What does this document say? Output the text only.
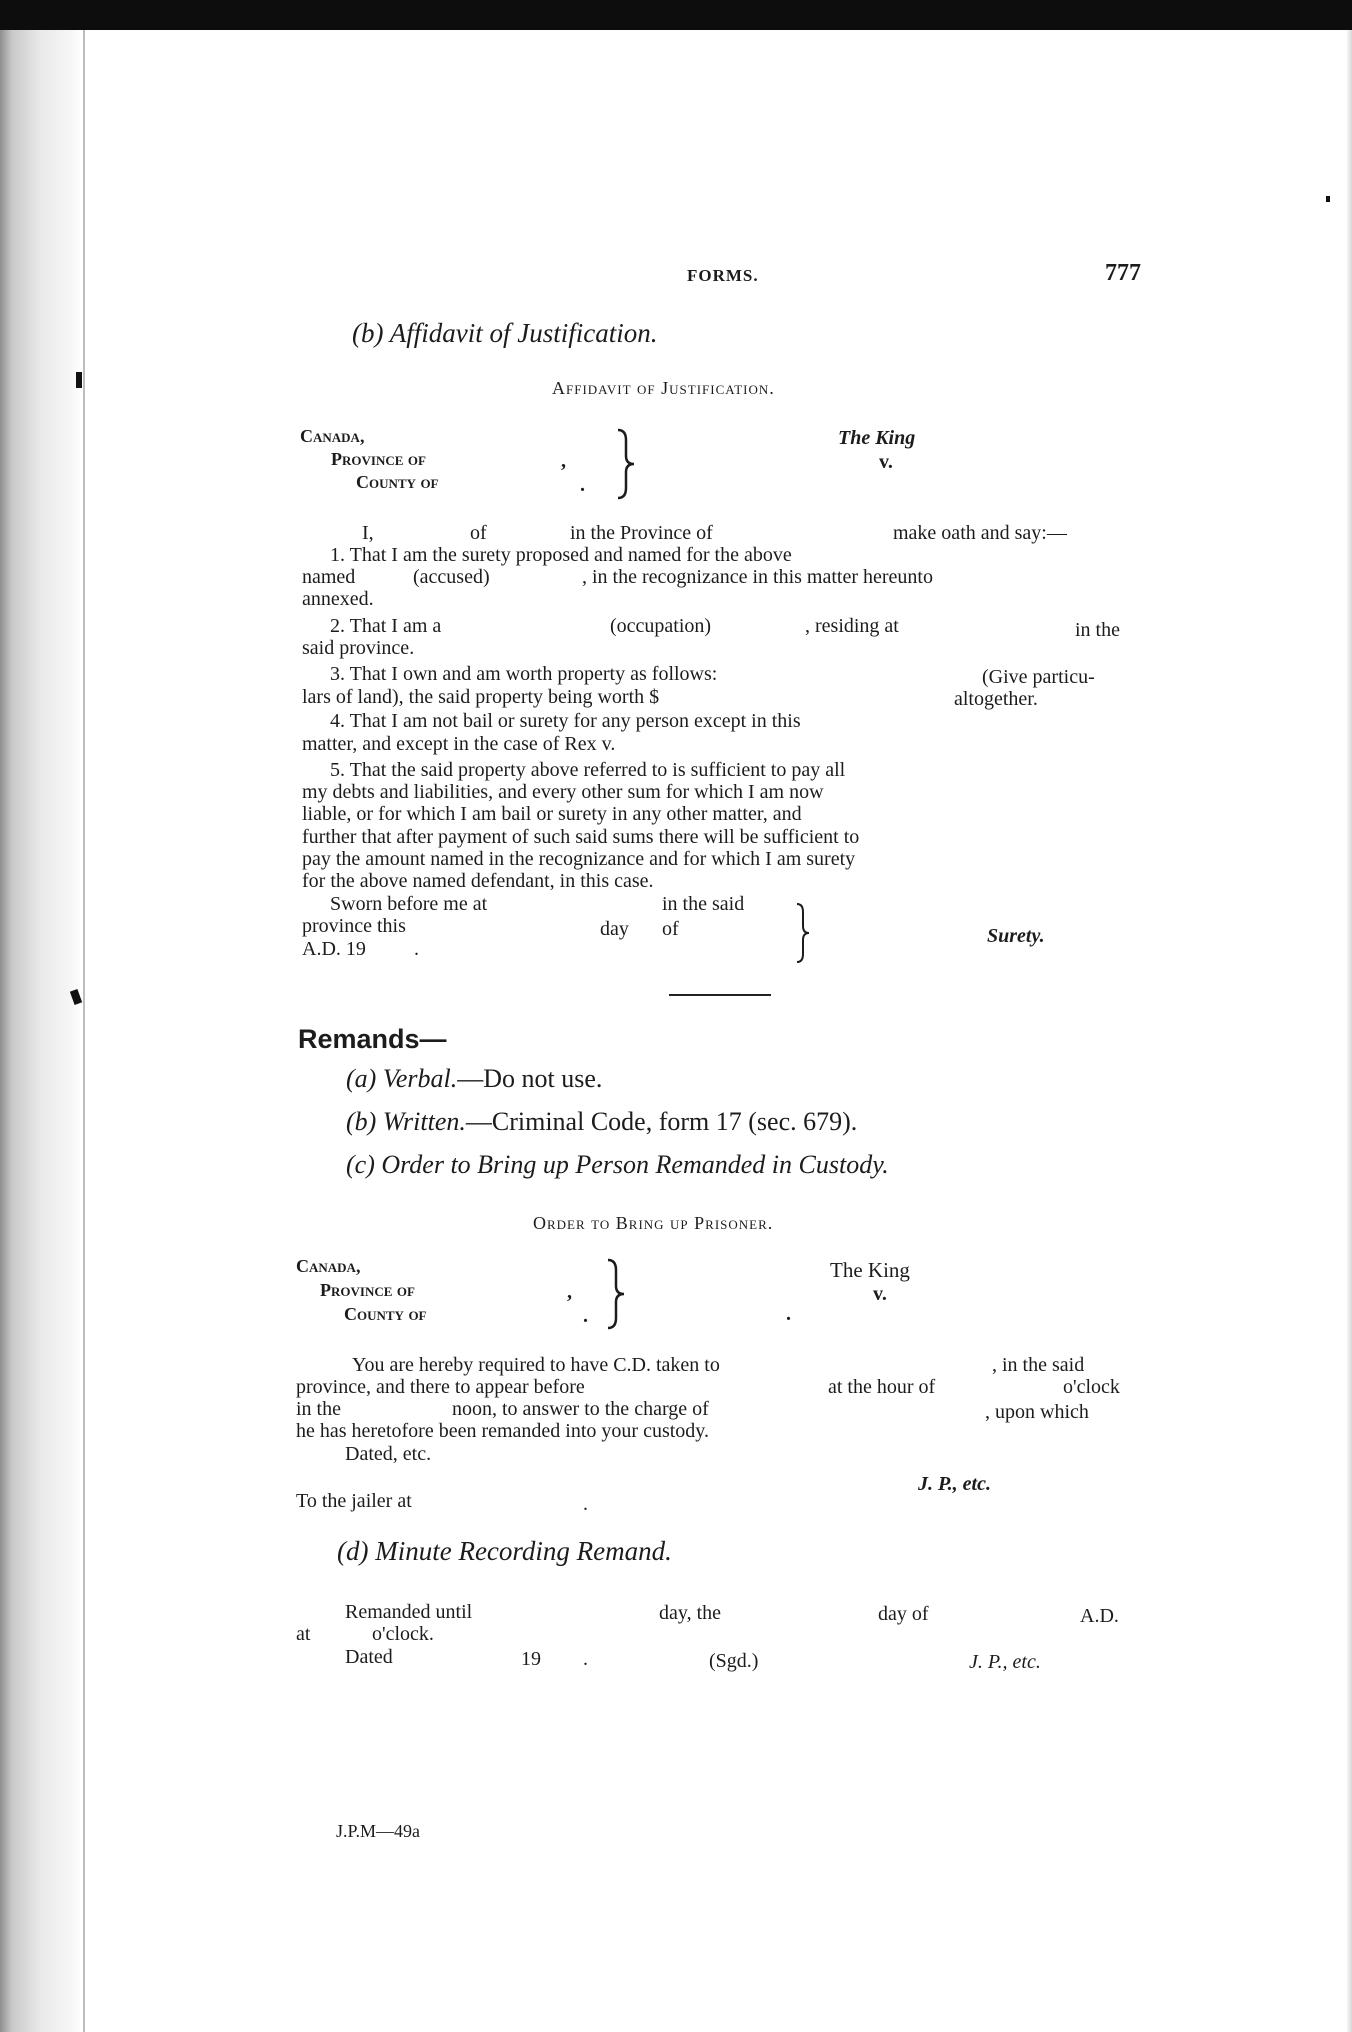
FORMS.	777
(b) Affidavit of Justification.
Affidavit of Justification.
Canada,
Province of
County of
,
.
The King
v.
I,	of	in the Province of	make oath and say:—
1. That I am the surety proposed and named for the above
named	(accused)	, in the recognizance in this matter hereunto
annexed.
2. That I am a	(occupation)	, residing at	in the
said province.
3. That I own and am worth property as follows:	(Give particu-
lars of land), the said property being worth $	altogether.
4. That I am not bail or surety for any person except in this
matter, and except in the case of Rex v.
5. That the said property above referred to is sufficient to pay all
my debts and liabilities, and every other sum for which I am now
liable, or for which I am bail or surety in any other matter, and
further that after payment of such said sums there will be sufficient to
pay the amount named in the recognizance and for which I am surety
for the above named defendant, in this case.
Sworn before me at	in the said
province this	day of
A.D. 19 .
Surety.
Remands—
(a) Verbal.—Do not use.
(b) Written.—Criminal Code, form 17 (sec. 679).
(c) Order to Bring up Person Remanded in Custody.
Order to Bring up Prisoner.
Canada,
Province of
County of
,
.
The King
v.
.
You are hereby required to have C.D. taken to	, in the said
province, and there to appear before	at the hour of	o'clock
in the	noon, to answer to the charge of	, upon which
he has heretofore been remanded into your custody.
Dated, etc.
J. P., etc.
To the jailer at	.
(d) Minute Recording Remand.
Remanded until	day, the	day of	A.D.
at	o'clock.
Dated	19 .	(Sgd.)	J. P., etc.
J.P.M—49a
